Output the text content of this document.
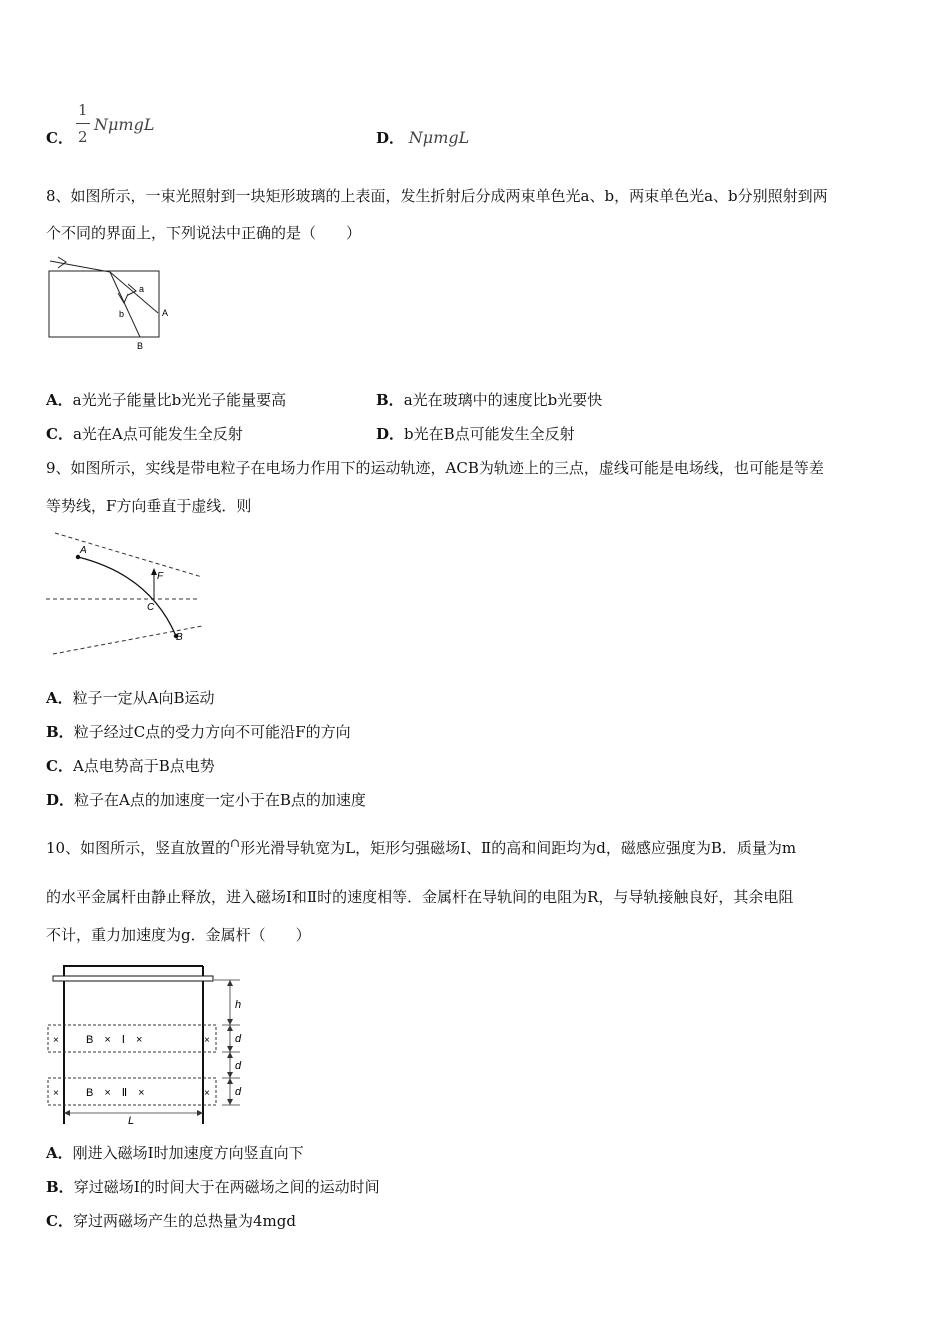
C．
1
2
NμmgL
D． NμmgL
8、如图所示，一束光照射到一块矩形玻璃的上表面，发生折射后分成两束单色光a、b，两束单色光a、b分别照射到两
个不同的界面上，下列说法中正确的是（　　）
a
b	A
B
A．a光光子能量比b光光子能量要高	B．a光在玻璃中的速度比b光要快
C．a光在A点可能发生全反射	D．b光在B点可能发生全反射
9、如图所示，实线是带电粒子在电场力作用下的运动轨迹，ACB为轨迹上的三点，虚线可能是电场线，也可能是等差
等势线，F方向垂直于虚线．则
A
B
C
F
A．粒子一定从A向B运动
B．粒子经过C点的受力方向不可能沿F的方向
C．A点电势高于B点电势
D．粒子在A点的加速度一定小于在B点的加速度
10、如图所示，竖直放置的∩形光滑导轨宽为L，矩形匀强磁场Ⅰ、Ⅱ的高和间距均为d，磁感应强度为B．质量为m
的水平金属杆由静止释放，进入磁场Ⅰ和Ⅱ时的速度相等．金属杆在导轨间的电阻为R，与导轨接触良好，其余电阻
不计，重力加速度为g．金属杆（　　）
×	×
B　×　Ⅰ　×
×	×
B　×　Ⅱ　×
h
d
d
d
L
A．刚进入磁场Ⅰ时加速度方向竖直向下
B．穿过磁场Ⅰ的时间大于在两磁场之间的运动时间
C．穿过两磁场产生的总热量为4mgd
